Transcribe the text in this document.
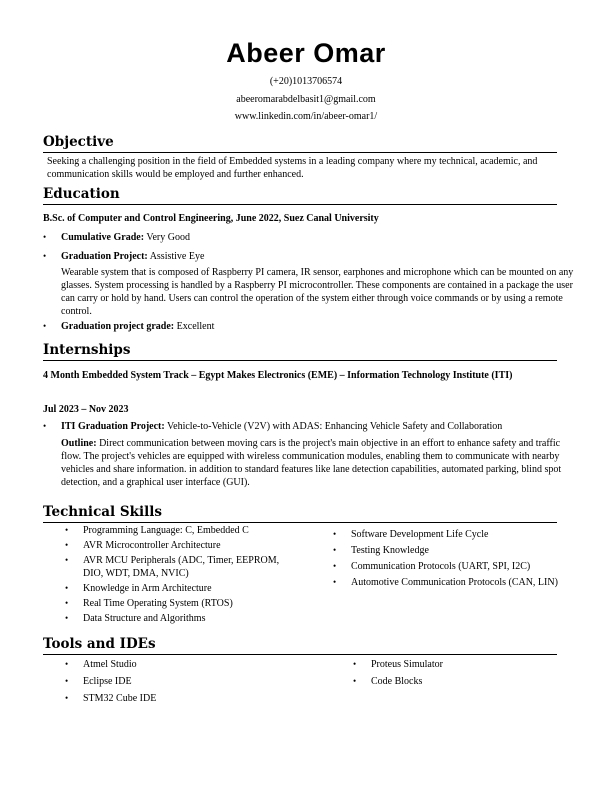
Abeer Omar
(+20)1013706574
abeeromarabdelbasit1@gmail.com
www.linkedin.com/in/abeer-omar1/
Objective
Seeking a challenging position in the field of Embedded systems in a leading company where my technical, academic, and communication skills would be employed and further enhanced.
Education
B.Sc. of Computer and Control Engineering, June 2022, Suez Canal University
• Cumulative Grade: Very Good
• Graduation Project: Assistive Eye
Wearable system that is composed of Raspberry PI camera, IR sensor, earphones and microphone which can be mounted on any glasses. System processing is handled by a Raspberry PI microcontroller. These components are contained in a package the user can carry or hold by hand. Users can control the operation of the system either through voice commands or by using a remote control.
• Graduation project grade: Excellent
Internships
4 Month Embedded System Track – Egypt Makes Electronics (EME) – Information Technology Institute (ITI)
Jul 2023 – Nov 2023
• ITI Graduation Project: Vehicle-to-Vehicle (V2V) with ADAS: Enhancing Vehicle Safety and Collaboration
Outline: Direct communication between moving cars is the project's main objective in an effort to enhance safety and traffic flow. The project's vehicles are equipped with wireless communication modules, enabling them to communicate with nearby vehicles and share information. in addition to standard features like lane detection capabilities, automated parking, blind spot detection, and a graphical user interface (GUI).
Technical Skills
• Programming Language: C, Embedded C
• AVR Microcontroller Architecture
• AVR MCU Peripherals (ADC, Timer, EEPROM, DIO, WDT, DMA, NVIC)
• Knowledge in Arm Architecture
• Real Time Operating System (RTOS)
• Data Structure and Algorithms
• Software Development Life Cycle
• Testing Knowledge
• Communication Protocols (UART, SPI, I2C)
• Automotive Communication Protocols (CAN, LIN)
Tools and IDEs
• Atmel Studio
• Eclipse IDE
• STM32 Cube IDE
• Proteus Simulator
• Code Blocks
